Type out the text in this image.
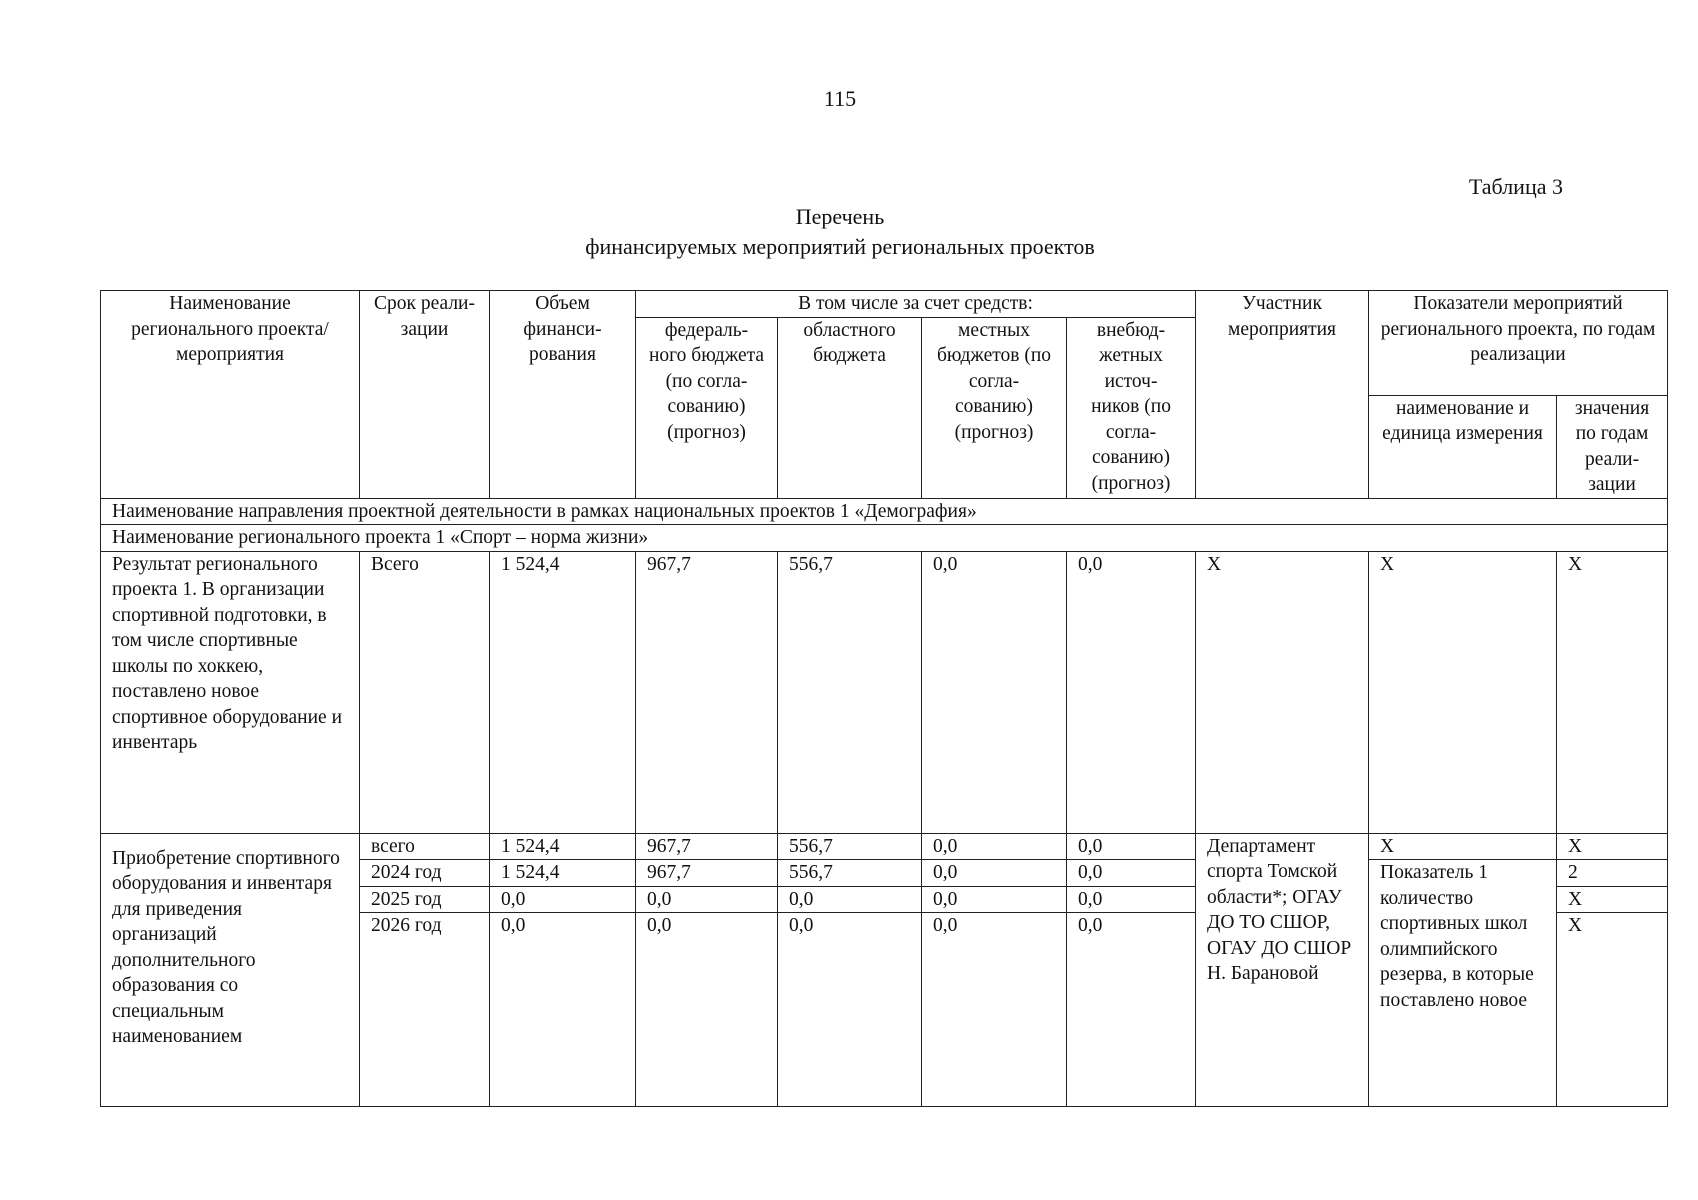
115
Таблица 3
Перечень
финансируемых мероприятий региональных проектов
Наименование регионального проекта/ мероприятия	Срок реали- зации	Объем финанси- рования	В том числе за счет средств:				Участник мероприятия	Показатели мероприятий регионального проекта, по годам реализации	
			федераль- ного бюджета (по согла- сованию) (прогноз)	областного бюджета	местных бюджетов (по согла- сованию) (прогноз)	внебюд- жетных источ- ников (по согла- сованию) (прогноз)			
								наименование и единица измерения	значения по годам реали- зации
Наименование направления проектной деятельности в рамках национальных проектов 1 «Демография»									
Наименование регионального проекта 1 «Спорт – норма жизни»									
Результат регионального проекта 1. В организации спортивной подготовки, в том числе спортивные школы по хоккею, поставлено новое спортивное оборудование и инвентарь	Всего	1 524,4	967,7	556,7	0,0	0,0	Х	Х	Х
Приобретение спортивного оборудования и инвентаря для приведения организаций дополнительного образования со специальным наименованием	всего	1 524,4	967,7	556,7	0,0	0,0	Департамент спорта Томской области*; ОГАУ ДО ТО СШОР, ОГАУ ДО СШОР Н. Барановой	Х	Х
	2024 год	1 524,4	967,7	556,7	0,0	0,0		Показатель 1 количество спортивных школ олимпийского резерва, в которые поставлено новое	2
	2025 год	0,0	0,0	0,0	0,0	0,0			Х
	2026 год	0,0	0,0	0,0	0,0	0,0			Х
